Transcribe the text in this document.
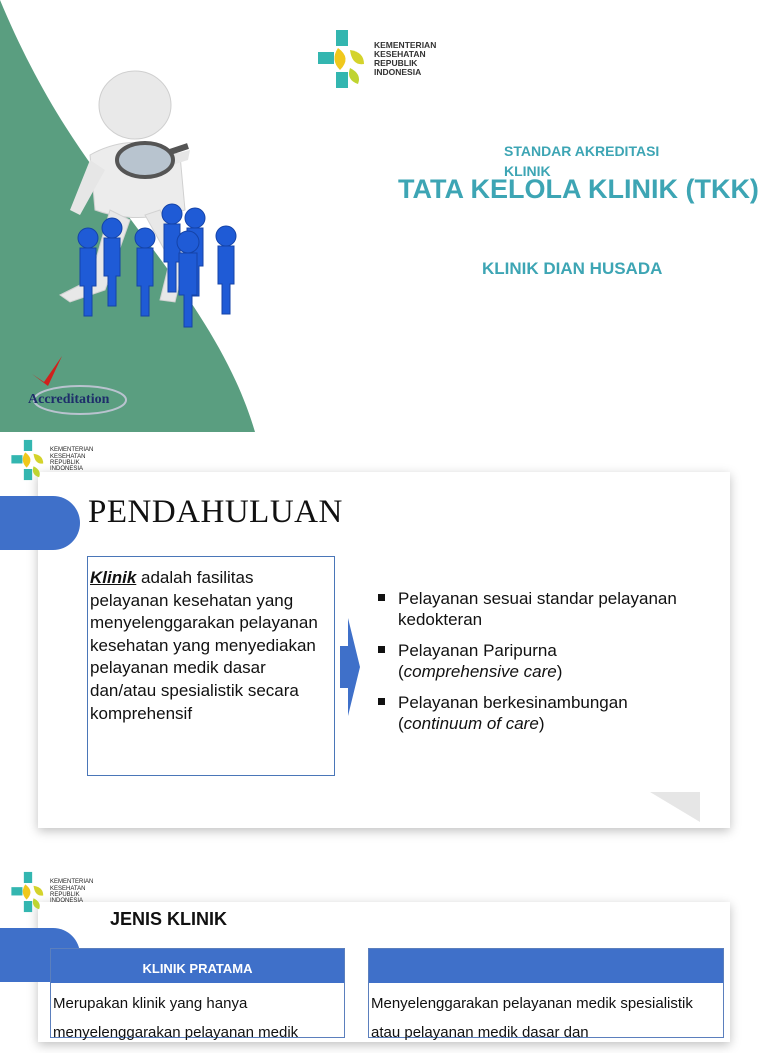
KEMENTERIAN
KESEHATAN
REPUBLIK
INDONESIA
STANDAR AKREDITASI KLINIK
TATA KELOLA KLINIK (TKK)
KLINIK DIAN HUSADA
Accreditation
KEMENTERIAN
KESEHATAN
REPUBLIK
INDONESIA
PENDAHULUAN
Klinik adalah fasilitas pelayanan kesehatan yang menyelenggarakan pelayanan kesehatan yang menyediakan pelayanan medik dasar dan/atau spesialistik secara komprehensif
Pelayanan sesuai standar pelayanan kedokteran
Pelayanan Paripurna
(comprehensive care)
Pelayanan berkesinambungan
(continuum of care)
KEMENTERIAN
KESEHATAN
REPUBLIK
INDONESIA
JENIS KLINIK
KLINIK PRATAMA
Merupakan klinik yang hanya menyelenggarakan pelayanan medik
Menyelenggarakan pelayanan medik spesialistik atau pelayanan medik dasar dan
